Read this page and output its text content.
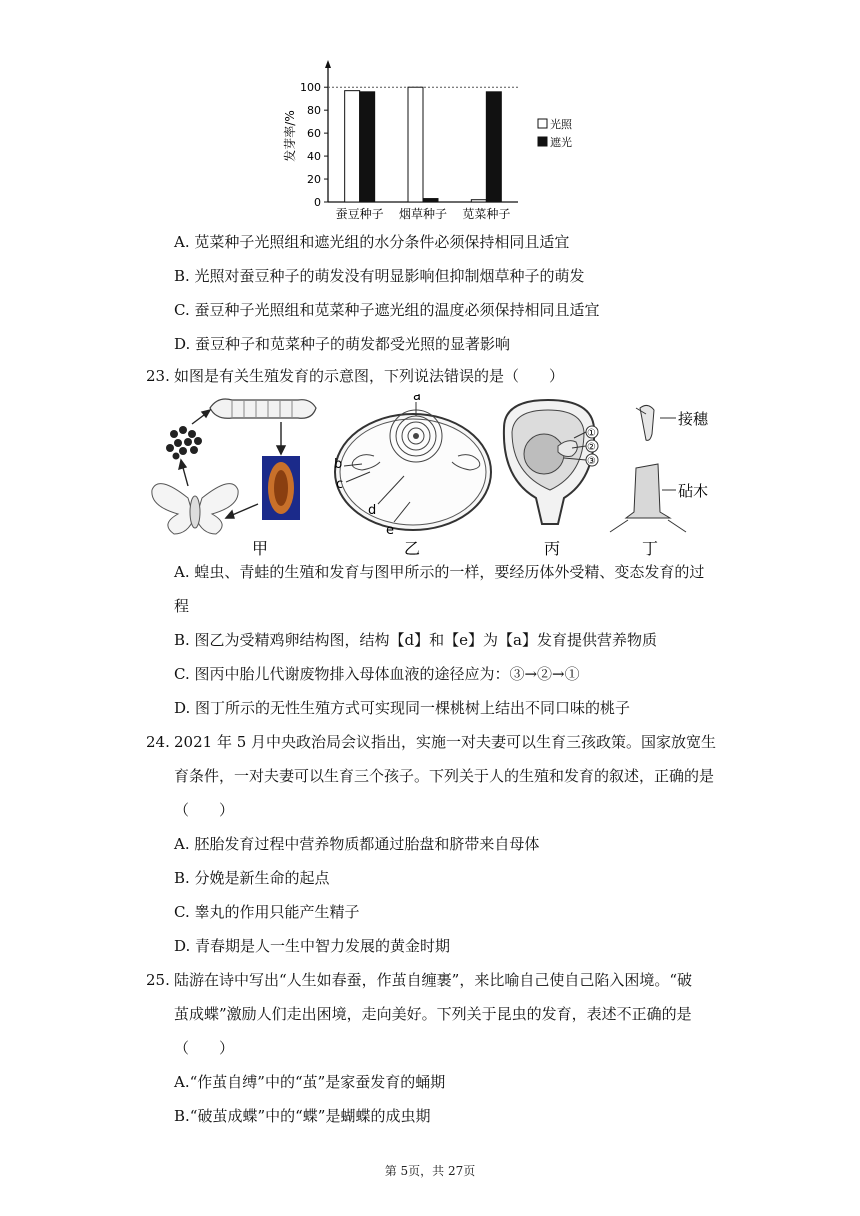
0
20
40
60
80
100
发芽率/%
蚕豆种子 烟草种子 苋菜种子
光照
遮光
A. 苋菜种子光照组和遮光组的水分条件必须保持相同且适宜
B. 光照对蚕豆种子的萌发没有明显影响但抑制烟草种子的萌发
C. 蚕豆种子光照组和苋菜种子遮光组的温度必须保持相同且适宜
D. 蚕豆种子和苋菜种子的萌发都受光照的显著影响
23. 如图是有关生殖发育的示意图，下列说法错误的是（　　）
a
b
c
d
e
①
②
③
接穗
砧木
甲	乙	丙	丁
A. 蝗虫、青蛙的生殖和发育与图甲所示的一样，要经历体外受精、变态发育的过
程
B. 图乙为受精鸡卵结构图，结构【d】和【e】为【a】发育提供营养物质
C. 图丙中胎儿代谢废物排入母体血液的途径应为：③→②→①
D. 图丁所示的无性生殖方式可实现同一棵桃树上结出不同口味的桃子
24. 2021 年 5 月中央政治局会议指出，实施一对夫妻可以生育三孩政策。国家放宽生
育条件，一对夫妻可以生育三个孩子。下列关于人的生殖和发育的叙述，正确的是
（　　）
A. 胚胎发育过程中营养物质都通过胎盘和脐带来自母体
B. 分娩是新生命的起点
C. 睾丸的作用只能产生精子
D. 青春期是人一生中智力发展的黄金时期
25. 陆游在诗中写出“人生如春蚕，作茧自缠裹”，来比喻自己使自己陷入困境。“破
茧成蝶”激励人们走出困境，走向美好。下列关于昆虫的发育，表述不正确的是
（　　）
A.“作茧自缚”中的“茧”是家蚕发育的蛹期
B.“破茧成蝶”中的“蝶”是蝴蝶的成虫期
第 5页，共 27页
